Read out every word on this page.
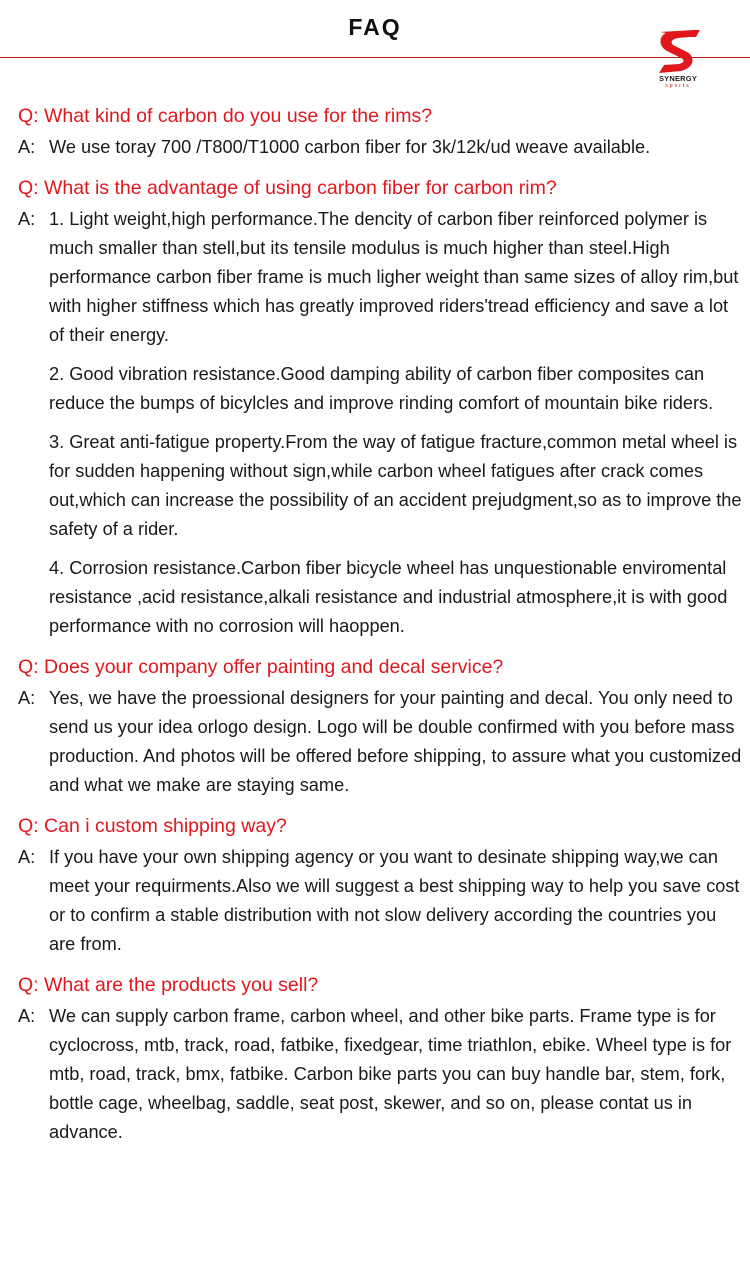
FAQ
SYNERGY
sports

Q: What kind of carbon do you use for the rims?

A: We use toray 700 /T800/T1000 carbon fiber for 3k/12k/ud weave available.

Q: What is the advantage of using carbon fiber for carbon rim?

A: 1. Light weight,high performance.The dencity of carbon fiber reinforced polymer is much smaller than stell,but its tensile modulus is much higher than steel.High performance carbon fiber frame is much ligher weight than same sizes of alloy rim,but with higher stiffness which has greatly improved riders'tread efficiency and save a lot of their energy.

2. Good vibration resistance.Good damping ability of carbon fiber composites can reduce the bumps of bicylcles and improve rinding comfort of mountain bike riders.

3. Great anti-fatigue property.From the way of fatigue fracture,common metal wheel is for sudden happening without sign,while carbon wheel fatigues after crack comes out,which can increase the possibility of an accident prejudgment,so as to improve the safety of a rider.

4. Corrosion resistance.Carbon fiber bicycle wheel has unquestionable enviromental resistance ,acid resistance,alkali resistance and industrial atmosphere,it is with good performance with no corrosion will haoppen.

Q: Does your company offer painting and decal service?

A: Yes, we have the proessional designers for your painting and decal. You only need to send us your idea orlogo design. Logo will be double confirmed with you before mass production. And photos will be offered before shipping, to assure what you customized and what we make are staying same.

Q: Can i custom shipping way?

A: If you have your own shipping agency or you want to desinate shipping way,we can meet your requirments.Also we will suggest a best shipping way to help you save cost or to confirm a stable distribution with not slow delivery according the countries you are from.

Q: What are the products you sell?

A: We can supply carbon frame, carbon wheel, and other bike parts. Frame type is for cyclocross, mtb, track, road, fatbike, fixedgear, time triathlon, ebike. Wheel type is for mtb, road, track, bmx, fatbike. Carbon bike parts you can buy handle bar, stem, fork, bottle cage, wheelbag, saddle, seat post, skewer, and so on, please contat us in advance.
